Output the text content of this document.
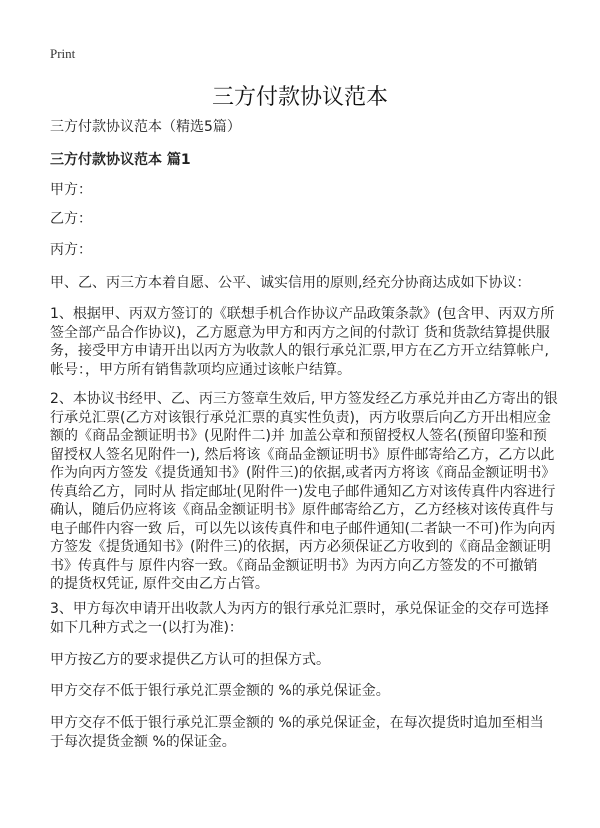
Print
三方付款协议范本
三方付款协议范本（精选5篇）
三方付款协议范本 篇1
甲方：
乙方：
丙方：
甲、乙、丙三方本着自愿、公平、诚实信用的原则,经充分协商达成如下协议：
1、根据甲、丙双方签订的《联想手机合作协议产品政策条款》(包含甲、丙双方所
签全部产品合作协议)，乙方愿意为甲方和丙方之间的付款订 货和货款结算提供服
务，接受甲方申请开出以丙方为收款人的银行承兑汇票,甲方在乙方开立结算帐户,
帐号：，甲方所有销售款项均应通过该帐户结算。
2、本协议书经甲、乙、丙三方签章生效后, 甲方签发经乙方承兑并由乙方寄出的银
行承兑汇票(乙方对该银行承兑汇票的真实性负责)，丙方收票后向乙方开出相应金
额的《商品金额证明书》(见附件二)并 加盖公章和预留授权人签名(预留印鉴和预
留授权人签名见附件一), 然后将该《商品金额证明书》原件邮寄给乙方，乙方以此
作为向丙方签发《提货通知书》(附件三)的依据,或者丙方将该《商品金额证明书》
传真给乙方，同时从 指定邮址(见附件一)发电子邮件通知乙方对该传真件内容进行
确认，随后仍应将该《商品金额证明书》原件邮寄给乙方，乙方经核对该传真件与
电子邮件内容一致 后，可以先以该传真件和电子邮件通知(二者缺一不可)作为向丙
方签发《提货通知书》(附件三)的依据，丙方必须保证乙方收到的《商品金额证明
书》传真件与 原件内容一致。《商品金额证明书》为丙方向乙方签发的不可撤销
的提货权凭证, 原件交由乙方占管。
3、甲方每次申请开出收款人为丙方的银行承兑汇票时，承兑保证金的交存可选择
如下几种方式之一(以打为准)：
甲方按乙方的要求提供乙方认可的担保方式。
甲方交存不低于银行承兑汇票金额的 %的承兑保证金。
甲方交存不低于银行承兑汇票金额的 %的承兑保证金，在每次提货时追加至相当
于每次提货金额 %的保证金。
